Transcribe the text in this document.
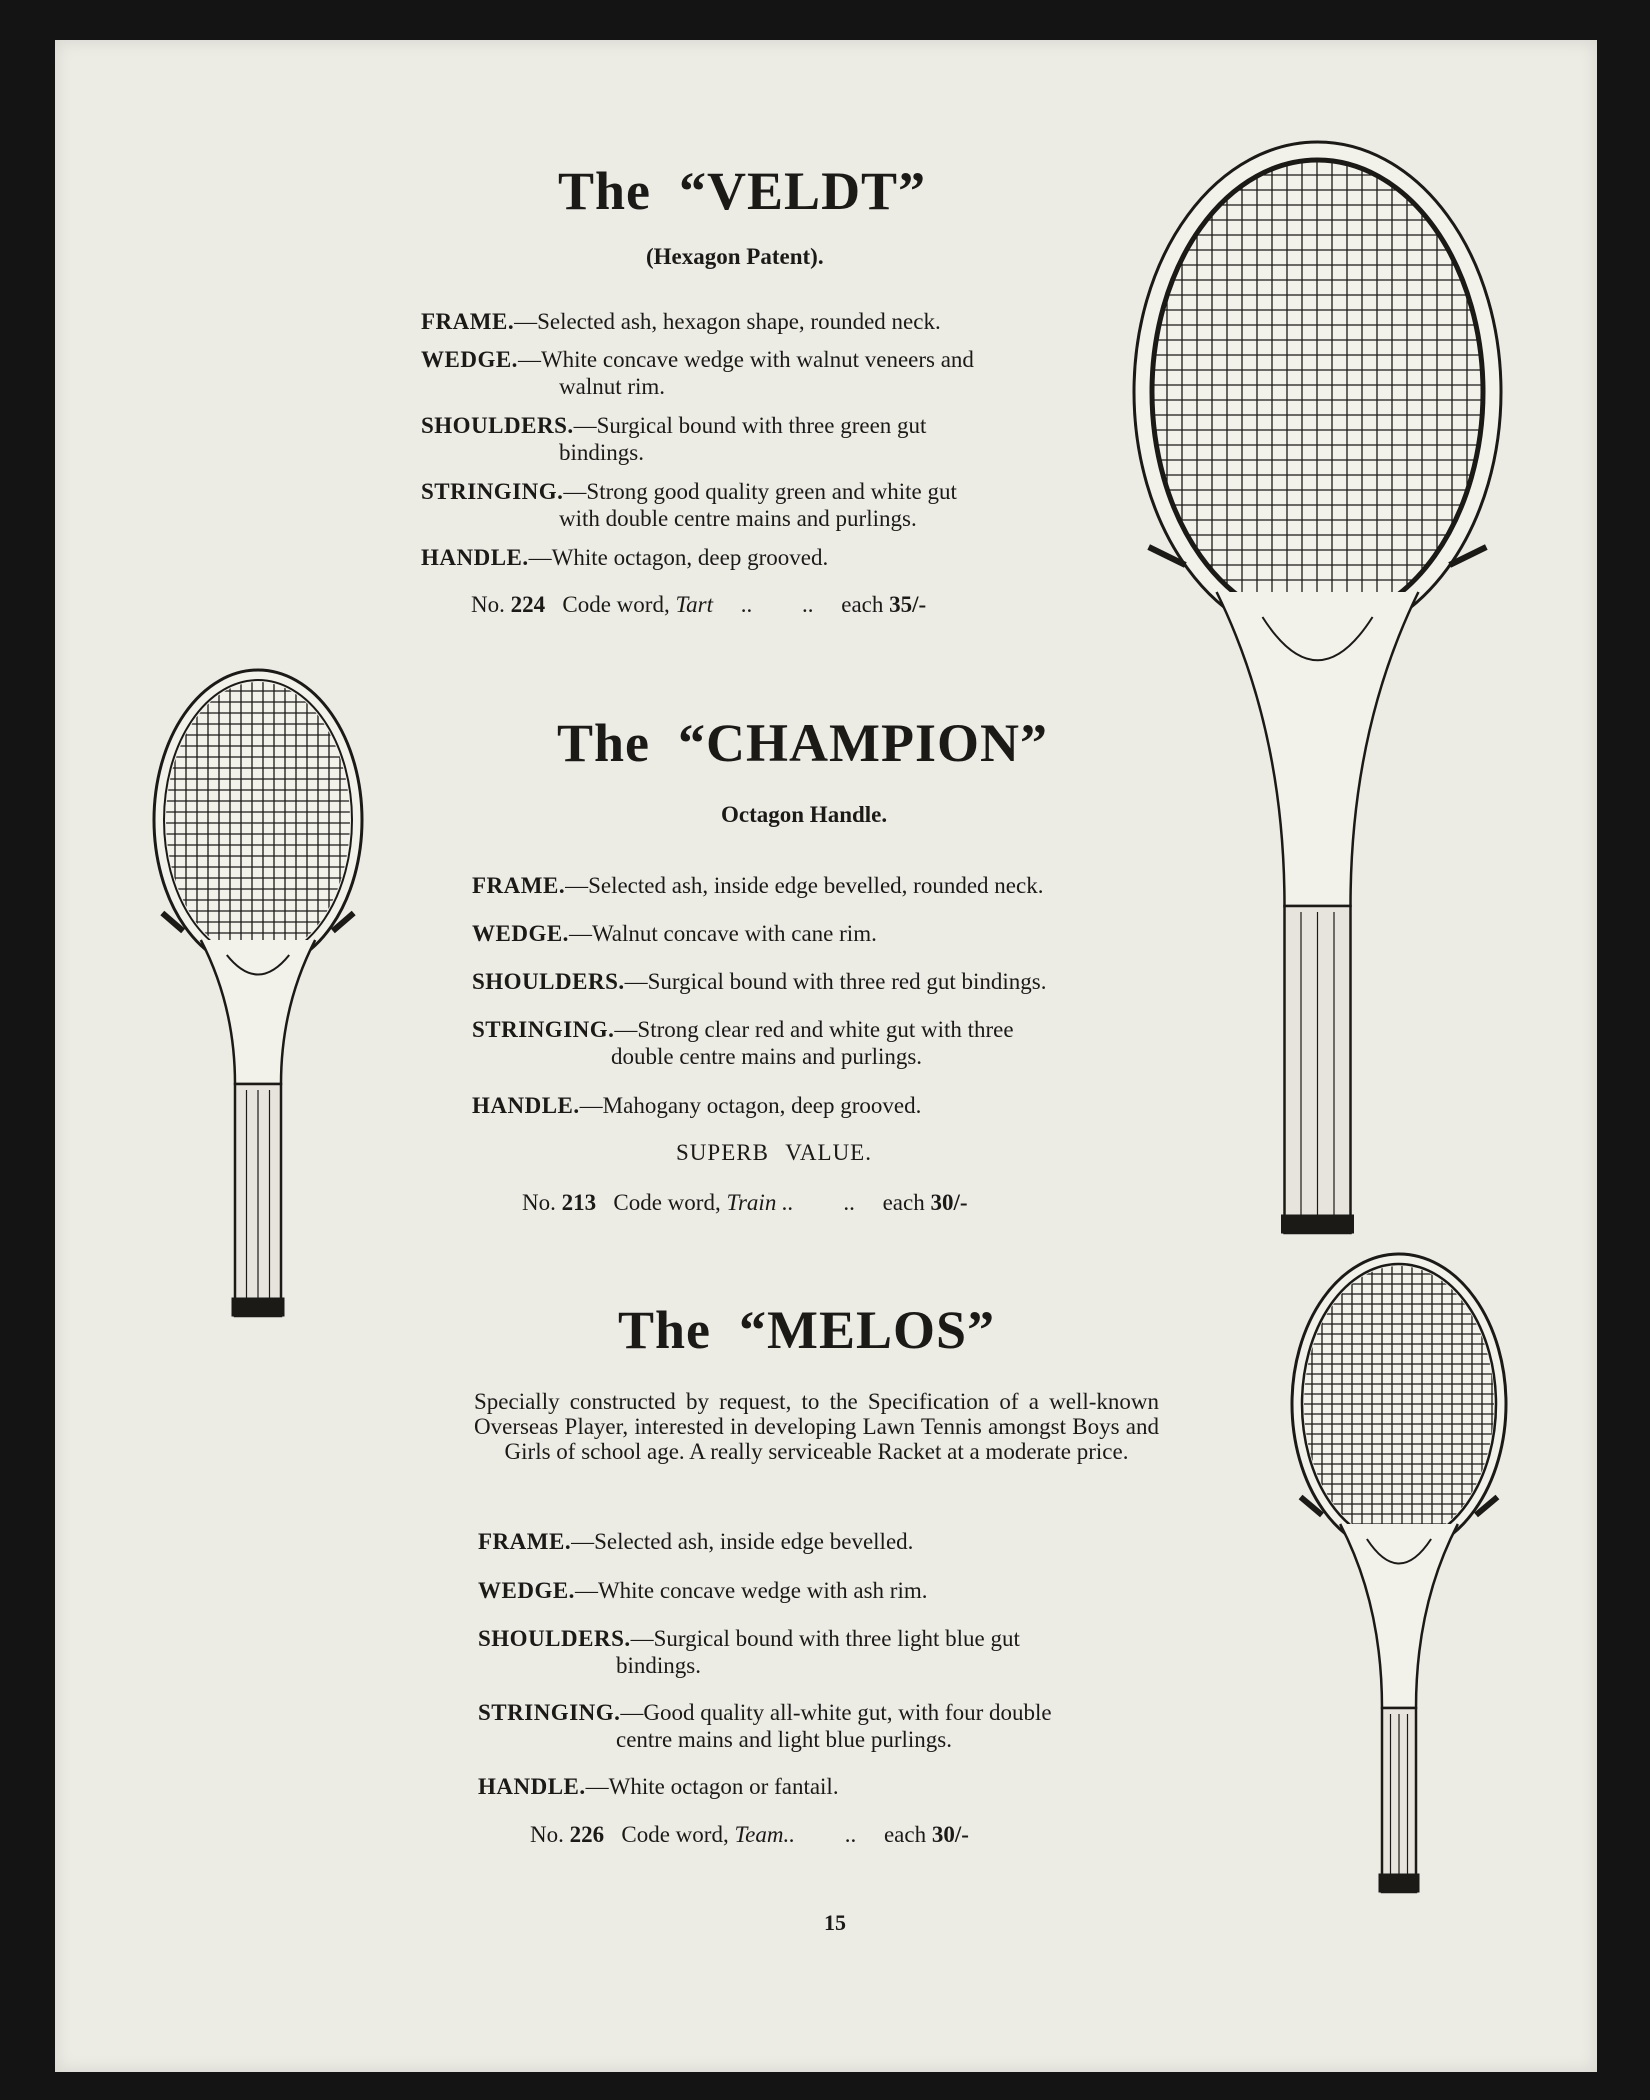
The “VELDT”
(Hexagon Patent).
FRAME.—Selected ash, hexagon shape, rounded neck.
WEDGE.—White concave wedge with walnut veneers and
walnut rim.
SHOULDERS.—Surgical bound with three green gut
bindings.
STRINGING.—Strong good quality green and white gut
with double centre mains and purlings.
HANDLE.—White octagon, deep grooved.
No. 224 Code word, Tart .. .. each 35/-
The “CHAMPION”
Octagon Handle.
FRAME.—Selected ash, inside edge bevelled, rounded neck.
WEDGE.—Walnut concave with cane rim.
SHOULDERS.—Surgical bound with three red gut bindings.
STRINGING.—Strong clear red and white gut with three
double centre mains and purlings.
HANDLE.—Mahogany octagon, deep grooved.
SUPERB VALUE.
No. 213 Code word, Train .. .. each 30/-
The “MELOS”
Specially constructed by request, to the Specification of a well-known Overseas Player, interested in developing Lawn Tennis amongst Boys and Girls of school age. A really serviceable Racket at a moderate price.
FRAME.—Selected ash, inside edge bevelled.
WEDGE.—White concave wedge with ash rim.
SHOULDERS.—Surgical bound with three light blue gut
bindings.
STRINGING.—Good quality all-white gut, with four double
centre mains and light blue purlings.
HANDLE.—White octagon or fantail.
No. 226 Code word, Team.. .. each 30/-
15
